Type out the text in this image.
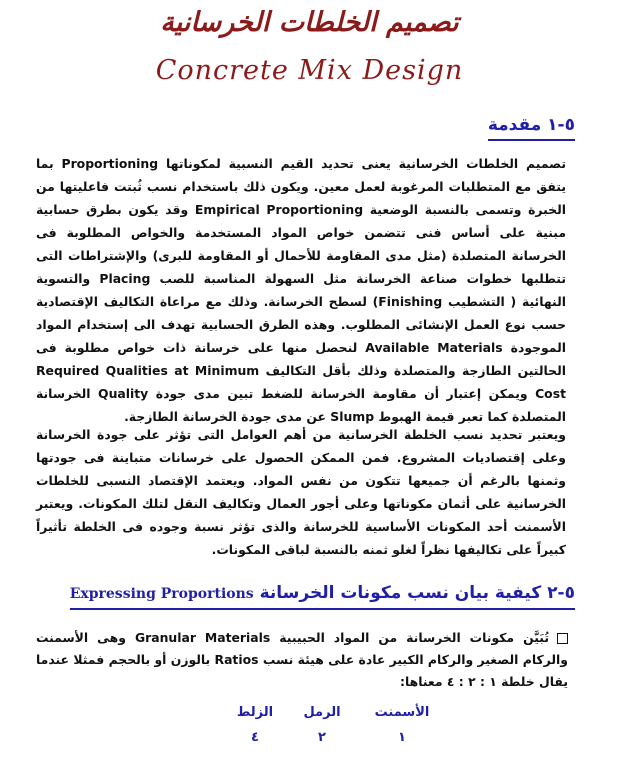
تصميم الخلطات الخرسانية
Concrete Mix Design
٥-١ مقدمة
تصميم الخلطات الخرسانية يعنى تحديد القيم النسبية لمكوناتها Proportioning بما يتفق مع المتطلبات المرغوبة لعمل معين. ويكون ذلك باستخدام نسب ثُبتت فاعليتها من الخبرة وتسمى بالنسبة الوضعية Empirical Proportioning وقد يكون بطرق حسابية مبنية على أساس فنى تتضمن خواص المواد المستخدمة والخواص المطلوبة فى الخرسانة المتصلدة (مثل مدى المقاومة للأحمال أو المقاومة للبرى) والإشتراطات التى تتطلبها خطوات صناعة الخرسانة مثل السهولة المناسبة للصب Placing والتسوية النهائية ( التشطيب Finishing) لسطح الخرسانة. وذلك مع مراعاة التكاليف الإقتصادية حسب نوع العمل الإنشائى المطلوب. وهذه الطرق الحسابية تهدف الى إستخدام المواد الموجودة Available Materials لنحصل منها على خرسانة ذات خواص مطلوبة فى الحالتين الطازجة والمتصلدة وذلك بأقل التكاليف Required Qualities at Minimum Cost ويمكن إعتبار أن مقاومة الخرسانة للضغط تبين مدى جودة Quality الخرسانة المتصلدة كما تعبر قيمة الهبوط Slump عن مدى جودة الخرسانة الطازجة.
ويعتبر تحديد نسب الخلطة الخرسانية من أهم العوامل التى تؤثر على جودة الخرسانة وعلى إقتصاديات المشروع. فمن الممكن الحصول على خرسانات متباينة فى جودتها وثمنها بالرغم أن جميعها تتكون من نفس المواد. ويعتمد الإقتصاد النسبى للخلطات الخرسانية على أثمان مكوناتها وعلى أجور العمال وتكاليف النقل لتلك المكونات. ويعتبر الأسمنت أحد المكونات الأساسية للخرسانة والذى تؤثر نسبة وجوده فى الخلطة تأثيراً كبيراً على تكاليفها نظراً لغلو ثمنه بالنسبة لباقى المكونات.
٥-٢ كيفية بيان نسب مكونات الخرسانة Expressing Proportions
تُبَيَّن مكونات الخرسانة من المواد الحبيبية Granular Materials وهى الأسمنت والركام الصغير والركام الكبير عادة على هيئة نسب Ratios بالوزن أو بالحجم فمثلا عندما يقال خلطة ١ : ٢ : ٤ معناها:
الأسمنت
١
الرمل
٢
الزلط
٤
